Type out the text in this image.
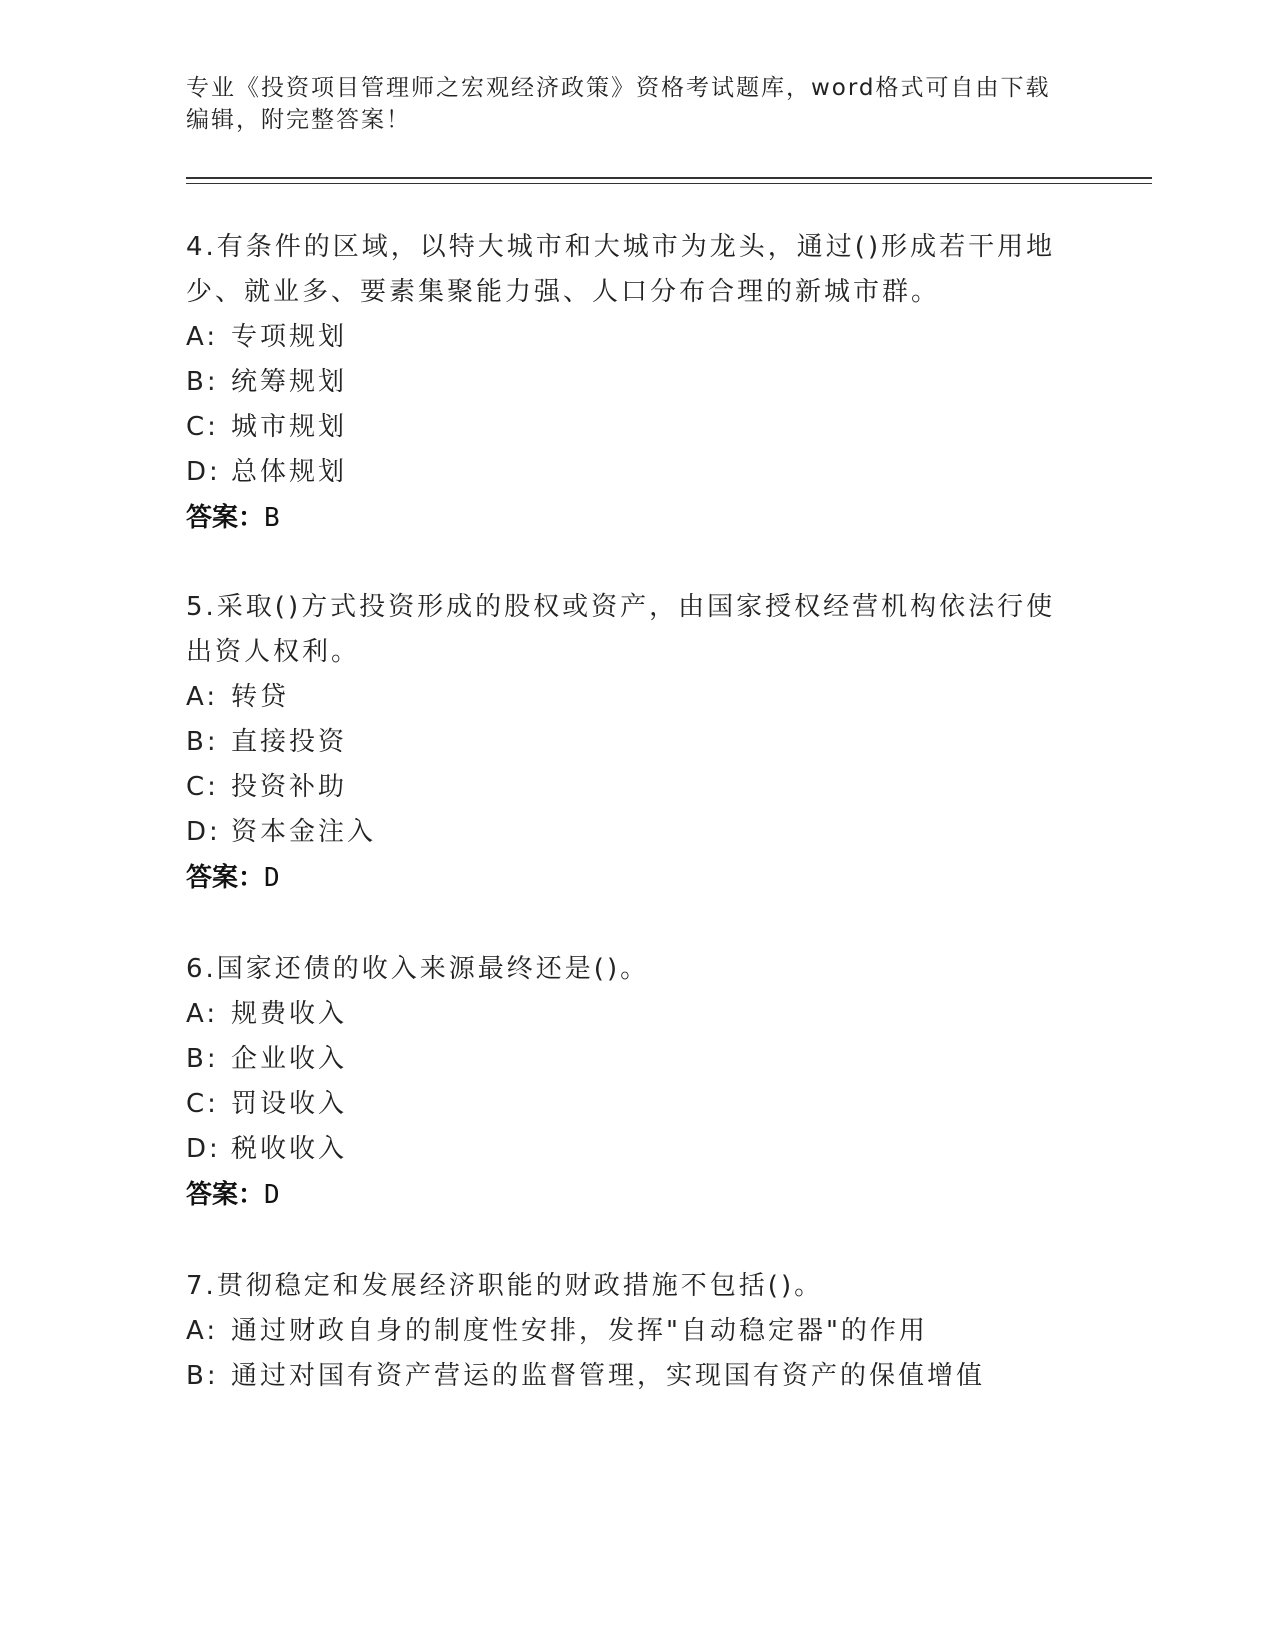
专业《投资项目管理师之宏观经济政策》资格考试题库，word格式可自由下载编辑，附完整答案！
4.有条件的区域，以特大城市和大城市为龙头，通过()形成若干用地少、就业多、要素集聚能力强、人口分布合理的新城市群。
A: 专项规划
B: 统筹规划
C: 城市规划
D: 总体规划
答案：B
5.采取()方式投资形成的股权或资产，由国家授权经营机构依法行使出资人权利。
A: 转贷
B: 直接投资
C: 投资补助
D: 资本金注入
答案：D
6.国家还债的收入来源最终还是()。
A: 规费收入
B: 企业收入
C: 罚设收入
D: 税收收入
答案：D
7.贯彻稳定和发展经济职能的财政措施不包括()。
A: 通过财政自身的制度性安排，发挥"自动稳定器"的作用
B: 通过对国有资产营运的监督管理，实现国有资产的保值增值
